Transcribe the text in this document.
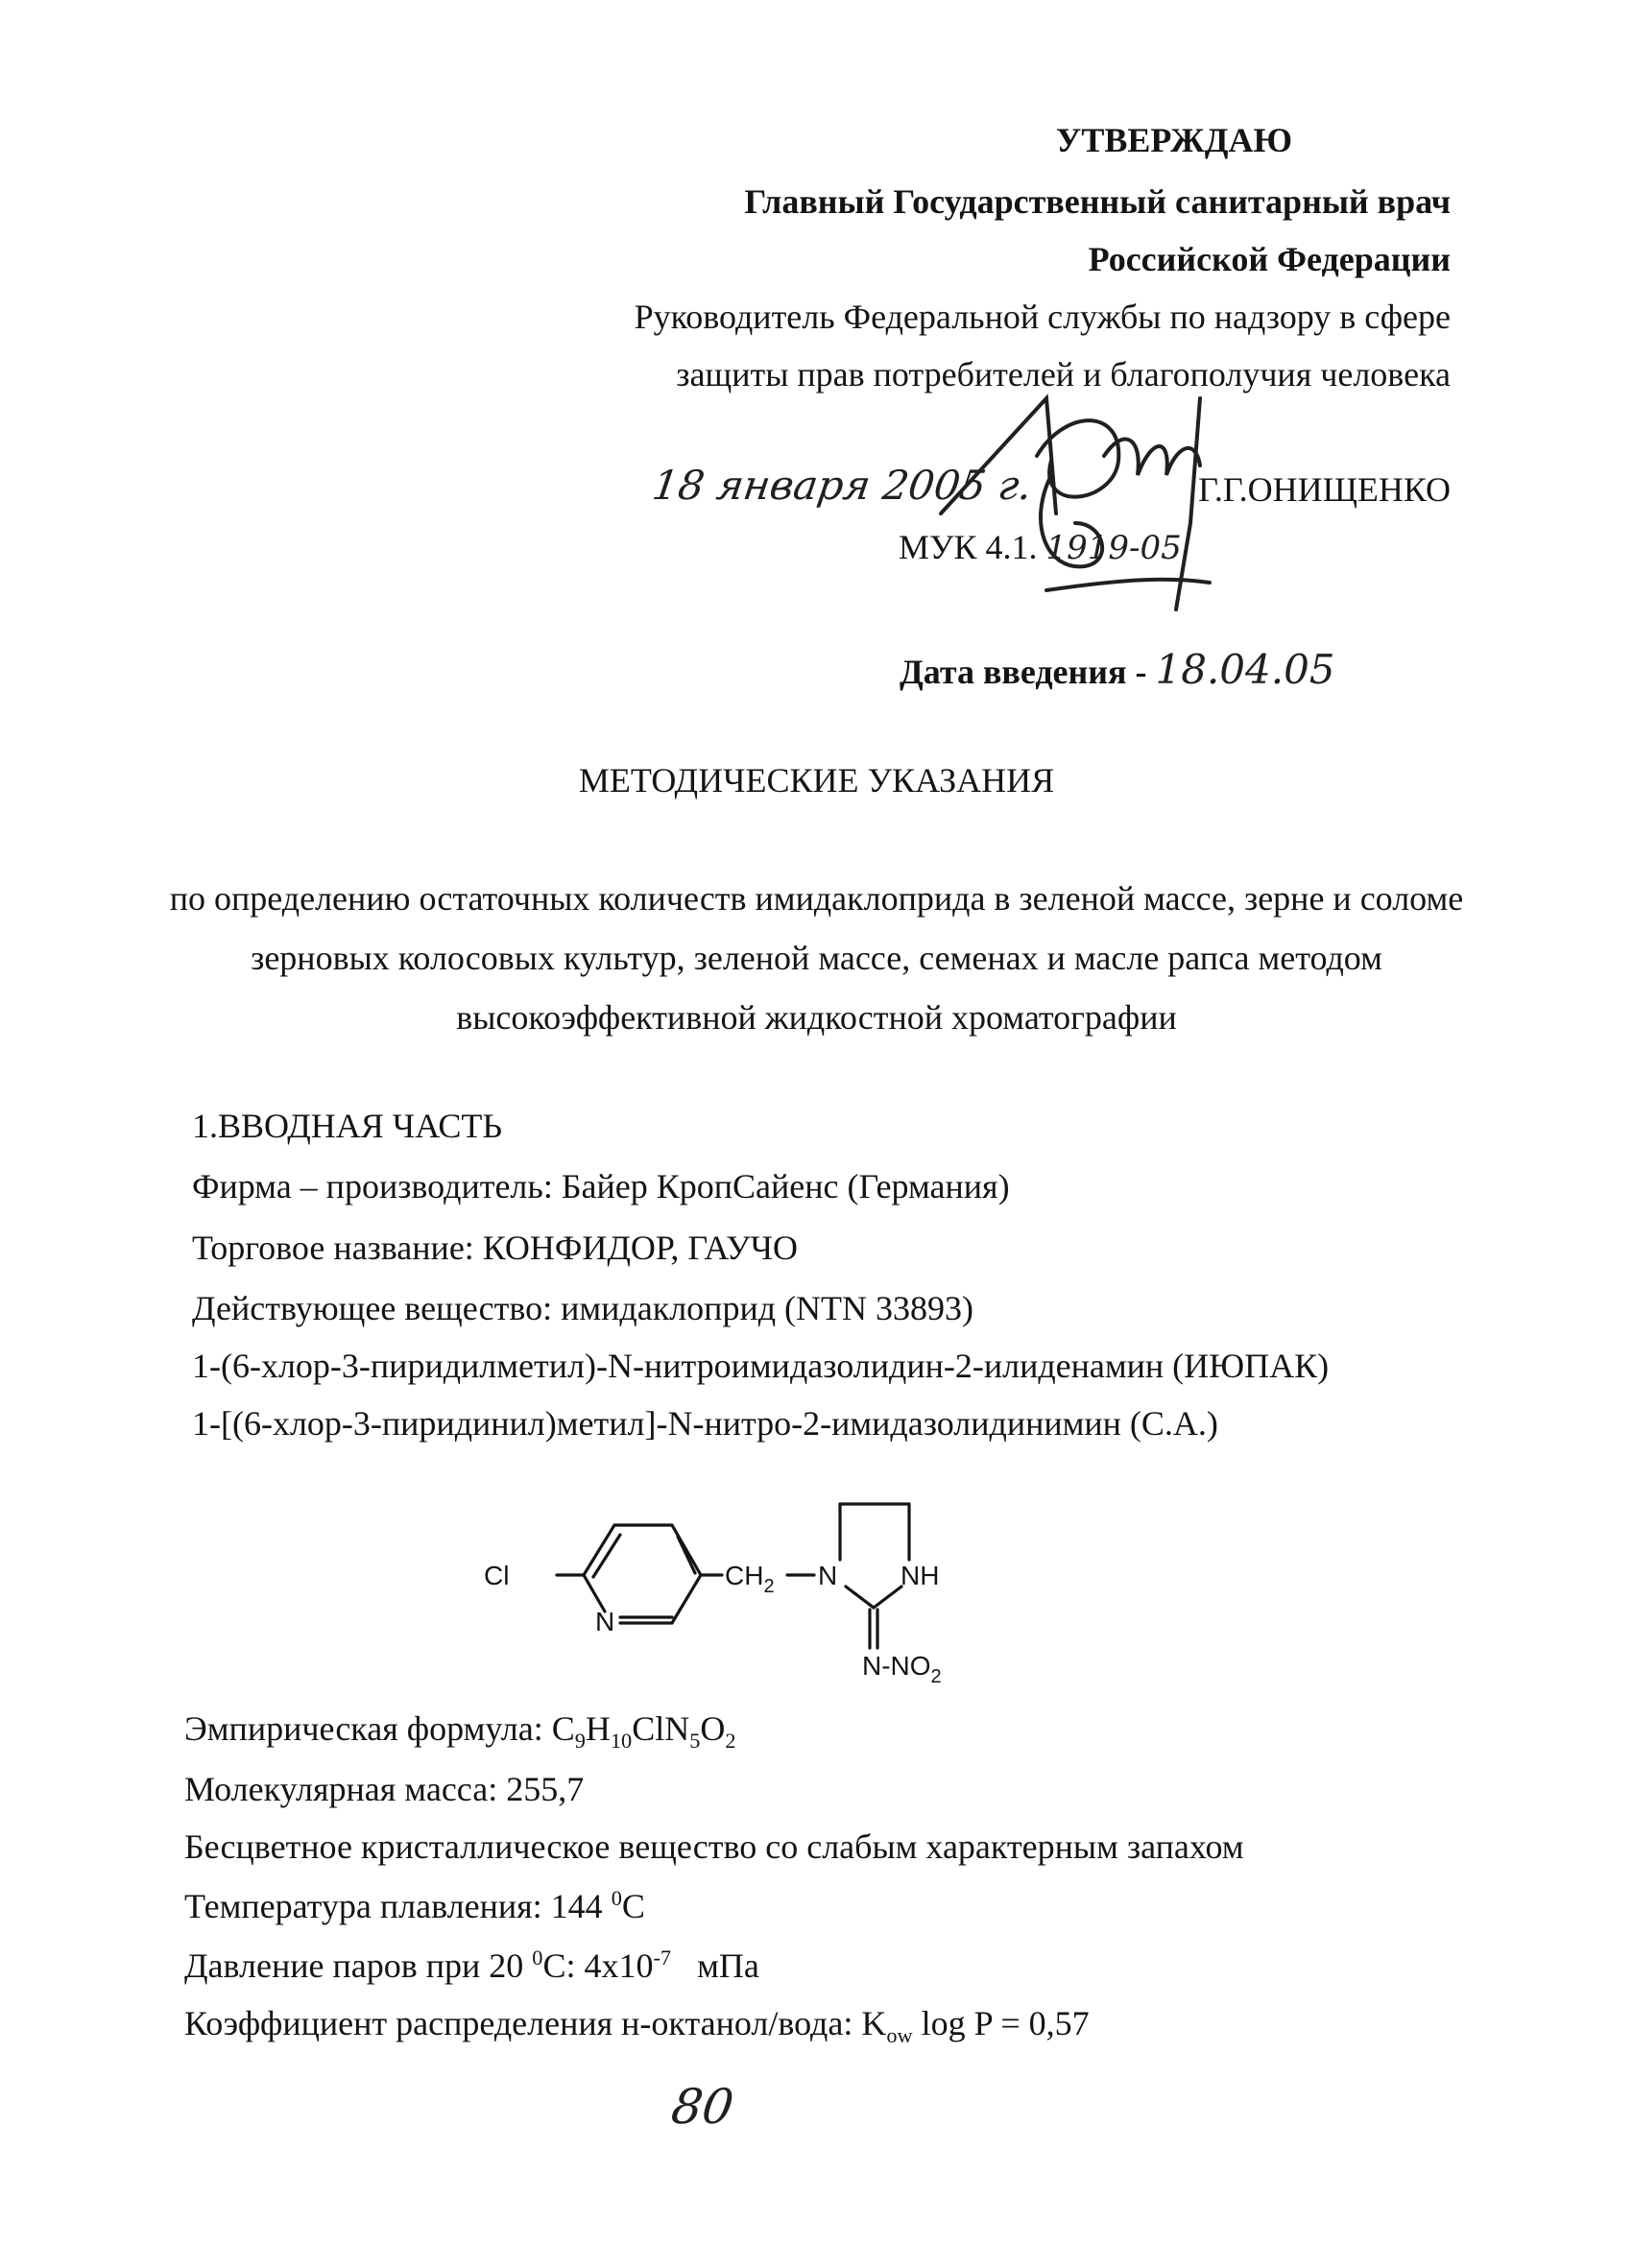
УТВЕРЖДАЮ
Главный Государственный санитарный врач
Российской Федерации
Руководитель Федеральной службы по надзору в сфере
защиты прав потребителей и благополучия человека
18 января 2005 г.	Г.Г.ОНИЩЕНКО
МУК 4.1. 1919-05
Дата введения - 18.04.05
МЕТОДИЧЕСКИЕ УКАЗАНИЯ
по определению остаточных количеств имидаклоприда в зеленой массе, зерне и соломе
зерновых колосовых культур, зеленой массе, семенах и масле рапса методом
высокоэффективной жидкостной хроматографии
1.ВВОДНАЯ ЧАСТЬ
Фирма – производитель: Байер КропСайенс (Германия)
Торговое название: КОНФИДОР, ГАУЧО
Действующее вещество: имидаклоприд (NTN 33893)
1-(6-хлор-3-пиридилметил)-N-нитроимидазолидин-2-илиденамин (ИЮПАК)
1-[(6-хлор-3-пиридинил)метил]-N-нитро-2-имидазолидинимин (С.А.)
Cl
N
$CH_2$ N NH
$N-NO_2$
Эмпирическая формула: $C_9H_{10}ClN_5O_2$
Молекулярная масса: 255,7
Бесцветное кристаллическое вещество со слабым характерным запахом
Температура плавления: 144 $^0$C
Давление паров при 20 $^0$C: $4x10^{-7}$   мПа
Коэффициент распределения н-октанол/вода: $K_{ow}$ log P = 0,57
80
